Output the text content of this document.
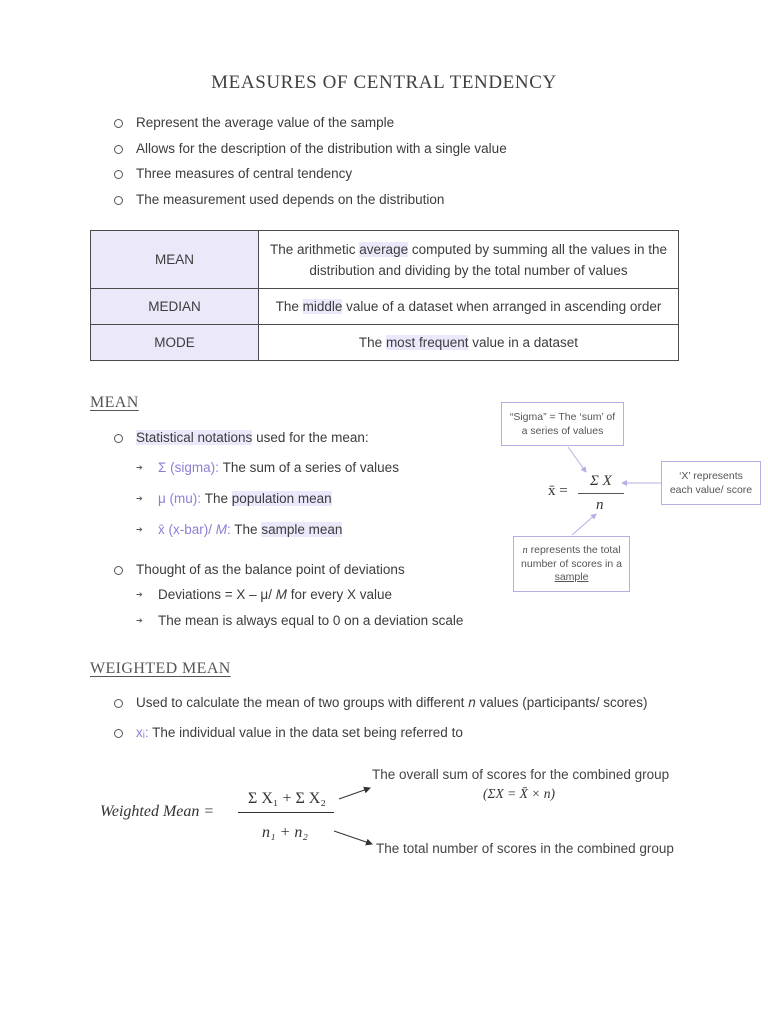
MEASURES OF CENTRAL TENDENCY
Represent the average value of the sample
Allows for the description of the distribution with a single value
Three measures of central tendency
The measurement used depends on the distribution
MEAN	The arithmetic average computed by summing all the values in the distribution and dividing by the total number of values
MEDIAN	The middle value of a dataset when arranged in ascending order
MODE	The most frequent value in a dataset
MEAN
Statistical notations used for the mean:
➔ Σ (sigma): The sum of a series of values
➔ μ (mu): The population mean
➔ x̄ (x-bar)/ M: The sample mean
Thought of as the balance point of deviations
➔ Deviations = X – μ/ M for every X value
➔ The mean is always equal to 0 on a deviation scale
“Sigma” = The ‘sum’ of
a series of values
‘X’ represents
each value/ score
n represents the total
number of scores in a
sample
x̄ =
Σ X
n
WEIGHTED MEAN
Used to calculate the mean of two groups with different n values (participants/ scores)
xᵢ: The individual value in the data set being referred to
Weighted Mean =
Σ X₁ + Σ X₂
n₁ + n₂
The overall sum of scores for the combined group
(ΣX = X̄ × n)
The total number of scores in the combined group
